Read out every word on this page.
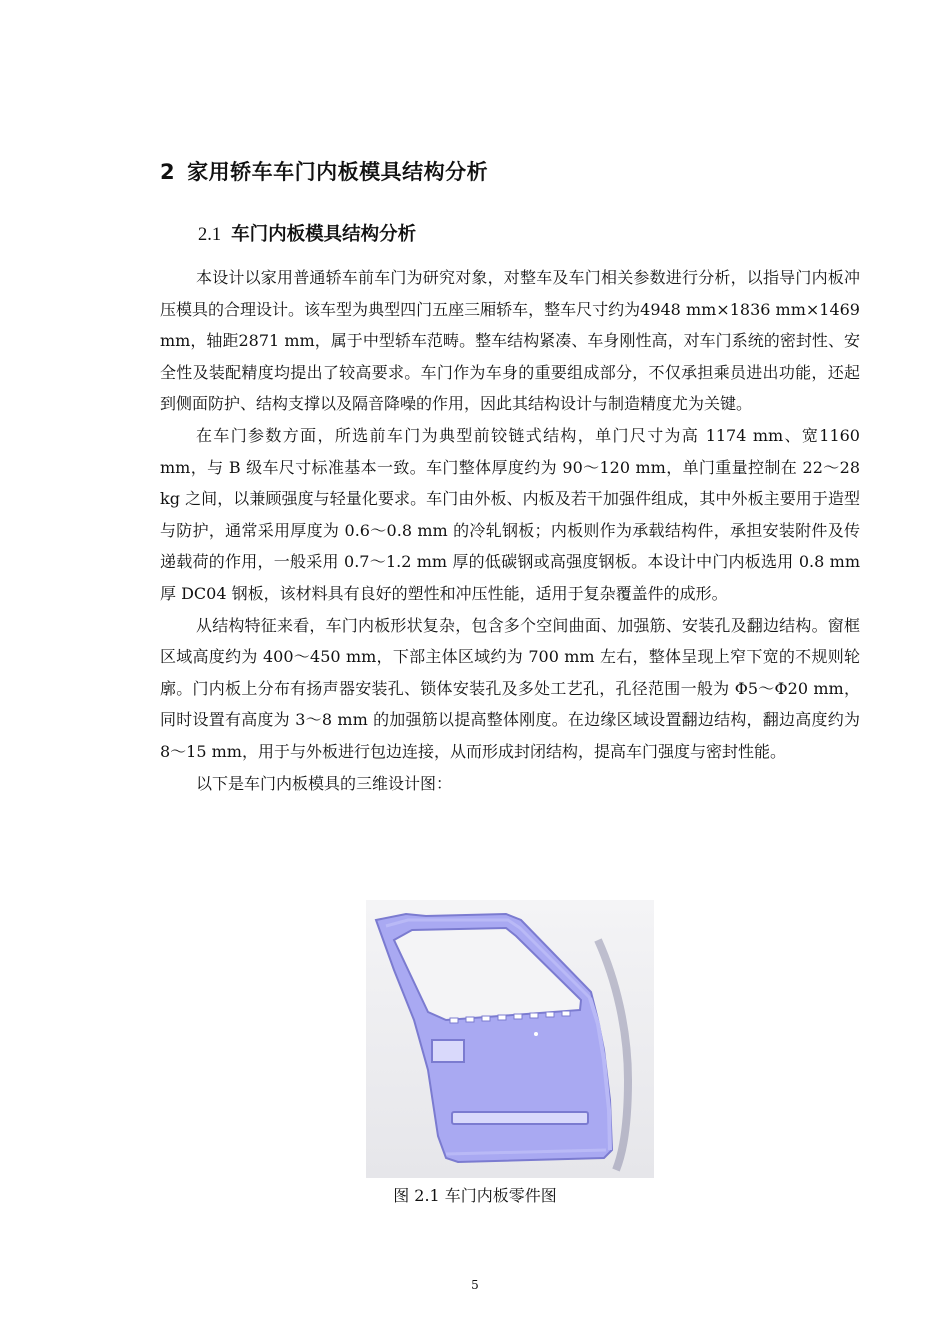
2 家用轿车车门内板模具结构分析
2.1 车门内板模具结构分析

本设计以家用普通轿车前车门为研究对象，对整车及车门相关参数进行分析，以指导门内板冲压模具的合理设计。该车型为典型四门五座三厢轿车，整车尺寸约为4948 mm×1836 mm×1469 mm，轴距2871 mm，属于中型轿车范畴。整车结构紧凑、车身刚性高，对车门系统的密封性、安全性及装配精度均提出了较高要求。车门作为车身的重要组成部分，不仅承担乘员进出功能，还起到侧面防护、结构支撑以及隔音降噪的作用，因此其结构设计与制造精度尤为关键。

在车门参数方面，所选前车门为典型前铰链式结构，单门尺寸为高 1174 mm、宽1160 mm，与 B 级车尺寸标准基本一致。车门整体厚度约为 90～120 mm，单门重量控制在 22～28 kg 之间，以兼顾强度与轻量化要求。车门由外板、内板及若干加强件组成，其中外板主要用于造型与防护，通常采用厚度为 0.6～0.8 mm 的冷轧钢板；内板则作为承载结构件，承担安装附件及传递载荷的作用，一般采用 0.7～1.2 mm 厚的低碳钢或高强度钢板。本设计中门内板选用 0.8 mm 厚 DC04 钢板，该材料具有良好的塑性和冲压性能，适用于复杂覆盖件的成形。

从结构特征来看，车门内板形状复杂，包含多个空间曲面、加强筋、安装孔及翻边结构。窗框区域高度约为 400～450 mm，下部主体区域约为 700 mm 左右，整体呈现上窄下宽的不规则轮廓。门内板上分布有扬声器安装孔、锁体安装孔及多处工艺孔，孔径范围一般为 Φ5～Φ20 mm，同时设置有高度为 3～8 mm 的加强筋以提高整体刚度。在边缘区域设置翻边结构，翻边高度约为 8～15 mm，用于与外板进行包边连接，从而形成封闭结构，提高车门强度与密封性能。

以下是车门内板模具的三维设计图：

图 2.1 车门内板零件图
5
